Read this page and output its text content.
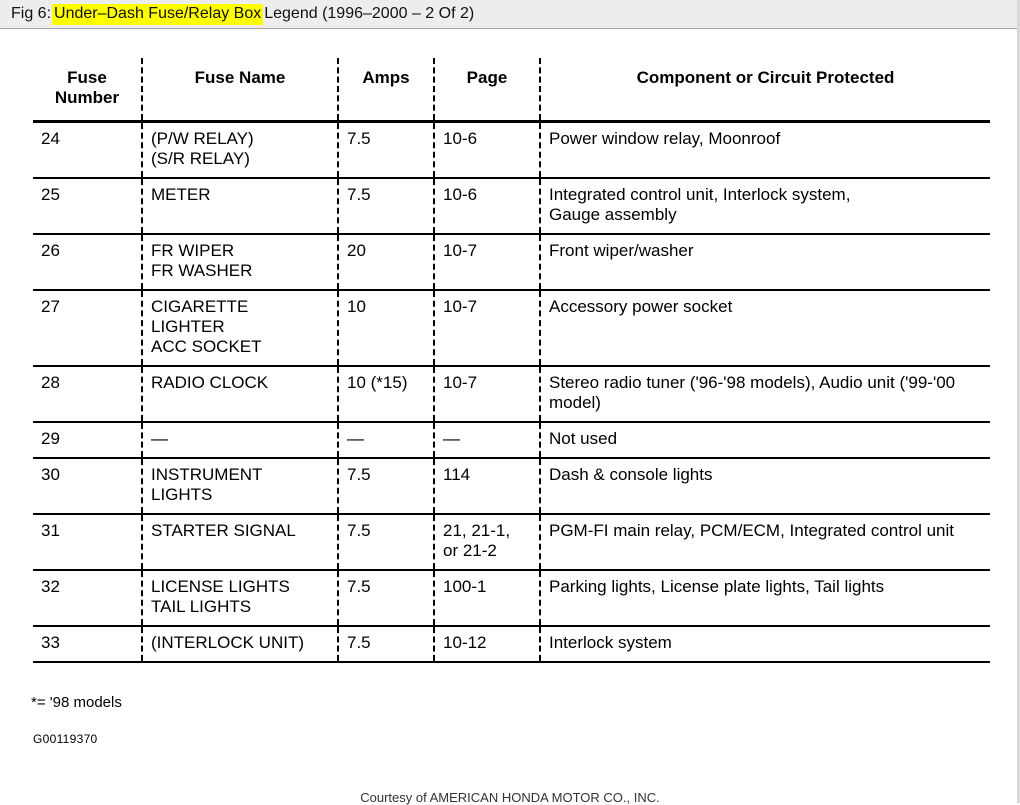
Fig 6: Under–Dash Fuse/Relay Box Legend (1996–2000 – 2 Of 2)
Fuse
Number	Fuse Name	Amps	Page	Component or Circuit Protected
24	(P/W RELAY)
(S/R RELAY)	7.5	10-6	Power window relay, Moonroof

25	METER	7.5	10-6	Integrated control unit, Interlock system,
Gauge assembly

26	FR WIPER
FR WASHER	20	10-7	Front wiper/washer

27	CIGARETTE
LIGHTER
ACC SOCKET	10	10-7	Accessory power socket

28	RADIO CLOCK	10 (*15)	10-7	Stereo radio tuner ('96-'98 models), Audio unit ('99-'00
model)

29	—	—	—	Not used

30	INSTRUMENT
LIGHTS	7.5	114	Dash & console lights

31	STARTER SIGNAL	7.5	21, 21-1,
or 21-2	PGM-FI main relay, PCM/ECM, Integrated control unit

32	LICENSE LIGHTS
TAIL LIGHTS	7.5	100-1	Parking lights, License plate lights, Tail lights

33	(INTERLOCK UNIT)	7.5	10-12	Interlock system
*= '98 models
G00119370
Courtesy of AMERICAN HONDA MOTOR CO., INC.
